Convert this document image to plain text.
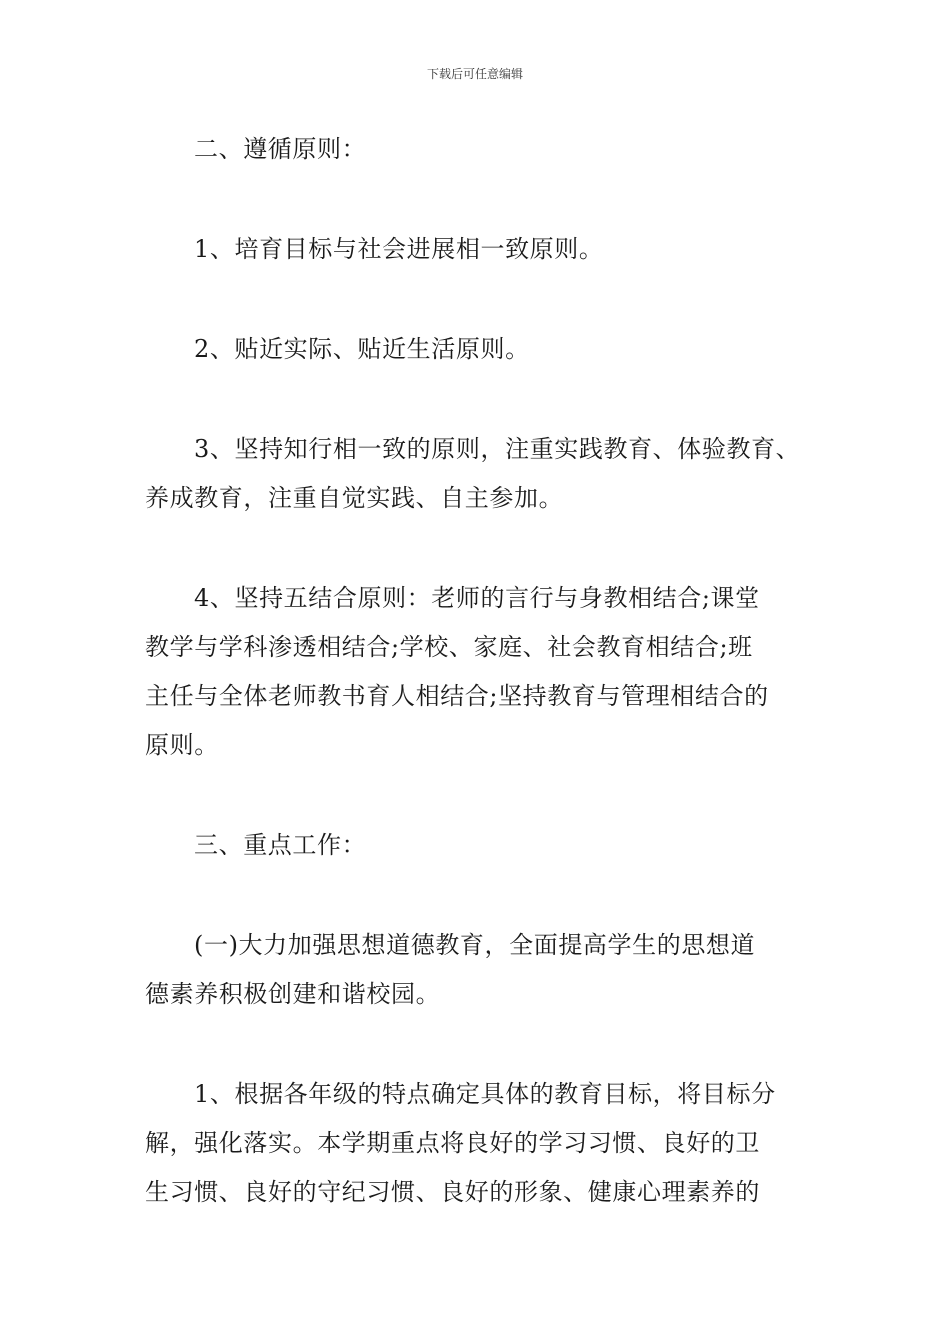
下载后可任意编辑
二、遵循原则：
1、培育目标与社会进展相一致原则。
2、贴近实际、贴近生活原则。
3、坚持知行相一致的原则，注重实践教育、体验教育、
养成教育，注重自觉实践、自主参加。
4、坚持五结合原则：老师的言行与身教相结合;课堂
教学与学科渗透相结合;学校、家庭、社会教育相结合;班
主任与全体老师教书育人相结合;坚持教育与管理相结合的
原则。
三、重点工作：
(一)大力加强思想道德教育，全面提高学生的思想道
德素养积极创建和谐校园。
1、根据各年级的特点确定具体的教育目标，将目标分
解，强化落实。本学期重点将良好的学习习惯、良好的卫
生习惯、良好的守纪习惯、良好的形象、健康心理素养的
